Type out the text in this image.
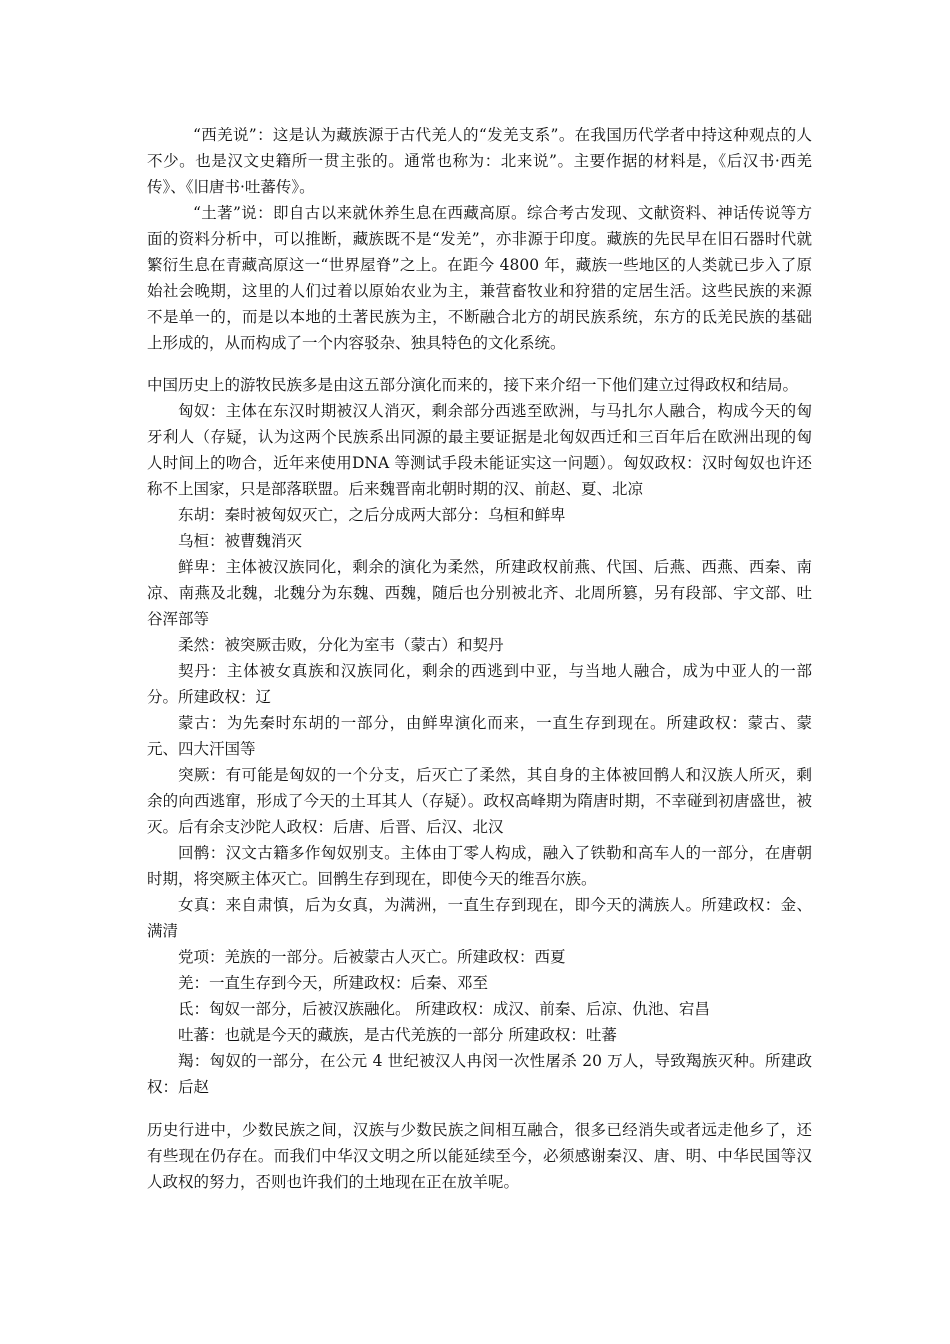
“西羌说”：这是认为藏族源于古代羌人的“发羌支系”。在我国历代学者中持这种观点的人不少。也是汉文史籍所一贯主张的。通常也称为：北来说”。主要作据的材料是，《后汉书·西羌传》、《旧唐书·吐蕃传》。

“土著”说：即自古以来就休养生息在西藏高原。综合考古发现、文献资料、神话传说等方面的资料分析中，可以推断，藏族既不是“发羌”，亦非源于印度。藏族的先民早在旧石器时代就繁衍生息在青藏高原这一“世界屋脊”之上。在距今 4800 年，藏族一些地区的人类就已步入了原始社会晚期，这里的人们过着以原始农业为主，兼营畜牧业和狩猎的定居生活。这些民族的来源不是单一的，而是以本地的土著民族为主，不断融合北方的胡民族系统，东方的氐羌民族的基础上形成的，从而构成了一个内容驳杂、独具特色的文化系统。

中国历史上的游牧民族多是由这五部分演化而来的，接下来介绍一下他们建立过得政权和结局。

匈奴：主体在东汉时期被汉人消灭，剩余部分西逃至欧洲，与马扎尔人融合，构成今天的匈牙利人（存疑，认为这两个民族系出同源的最主要证据是北匈奴西迁和三百年后在欧洲出现的匈人时间上的吻合，近年来使用DNA 等测试手段未能证实这一问题）。匈奴政权：汉时匈奴也许还称不上国家，只是部落联盟。后来魏晋南北朝时期的汉、前赵、夏、北凉

东胡：秦时被匈奴灭亡，之后分成两大部分：乌桓和鲜卑

乌桓：被曹魏消灭

鲜卑：主体被汉族同化，剩余的演化为柔然，所建政权前燕、代国、后燕、西燕、西秦、南凉、南燕及北魏，北魏分为东魏、西魏，随后也分别被北齐、北周所篡，另有段部、宇文部、吐谷浑部等

柔然：被突厥击败，分化为室韦（蒙古）和契丹

契丹：主体被女真族和汉族同化，剩余的西逃到中亚，与当地人融合，成为中亚人的一部分。所建政权：辽

蒙古：为先秦时东胡的一部分，由鲜卑演化而来，一直生存到现在。所建政权：蒙古、蒙元、四大汗国等

突厥：有可能是匈奴的一个分支，后灭亡了柔然，其自身的主体被回鹘人和汉族人所灭，剩余的向西逃窜，形成了今天的土耳其人（存疑）。政权高峰期为隋唐时期，不幸碰到初唐盛世，被灭。后有余支沙陀人政权：后唐、后晋、后汉、北汉

回鹘：汉文古籍多作匈奴别支。主体由丁零人构成，融入了铁勒和高车人的一部分，在唐朝时期，将突厥主体灭亡。回鹘生存到现在，即使今天的维吾尔族。

女真：来自肃慎，后为女真，为满洲，一直生存到现在，即今天的满族人。所建政权：金、满清

党项：羌族的一部分。后被蒙古人灭亡。所建政权：西夏

羌：一直生存到今天，所建政权：后秦、邓至

氐：匈奴一部分，后被汉族融化。 所建政权：成汉、前秦、后凉、仇池、宕昌

吐蕃：也就是今天的藏族，是古代羌族的一部分 所建政权：吐蕃

羯：匈奴的一部分，在公元 4 世纪被汉人冉闵一次性屠杀 20 万人，导致羯族灭种。所建政权：后赵

历史行进中，少数民族之间，汉族与少数民族之间相互融合，很多已经消失或者远走他乡了，还有些现在仍存在。而我们中华汉文明之所以能延续至今，必须感谢秦汉、唐、明、中华民国等汉人政权的努力，否则也许我们的土地现在正在放羊呢。
